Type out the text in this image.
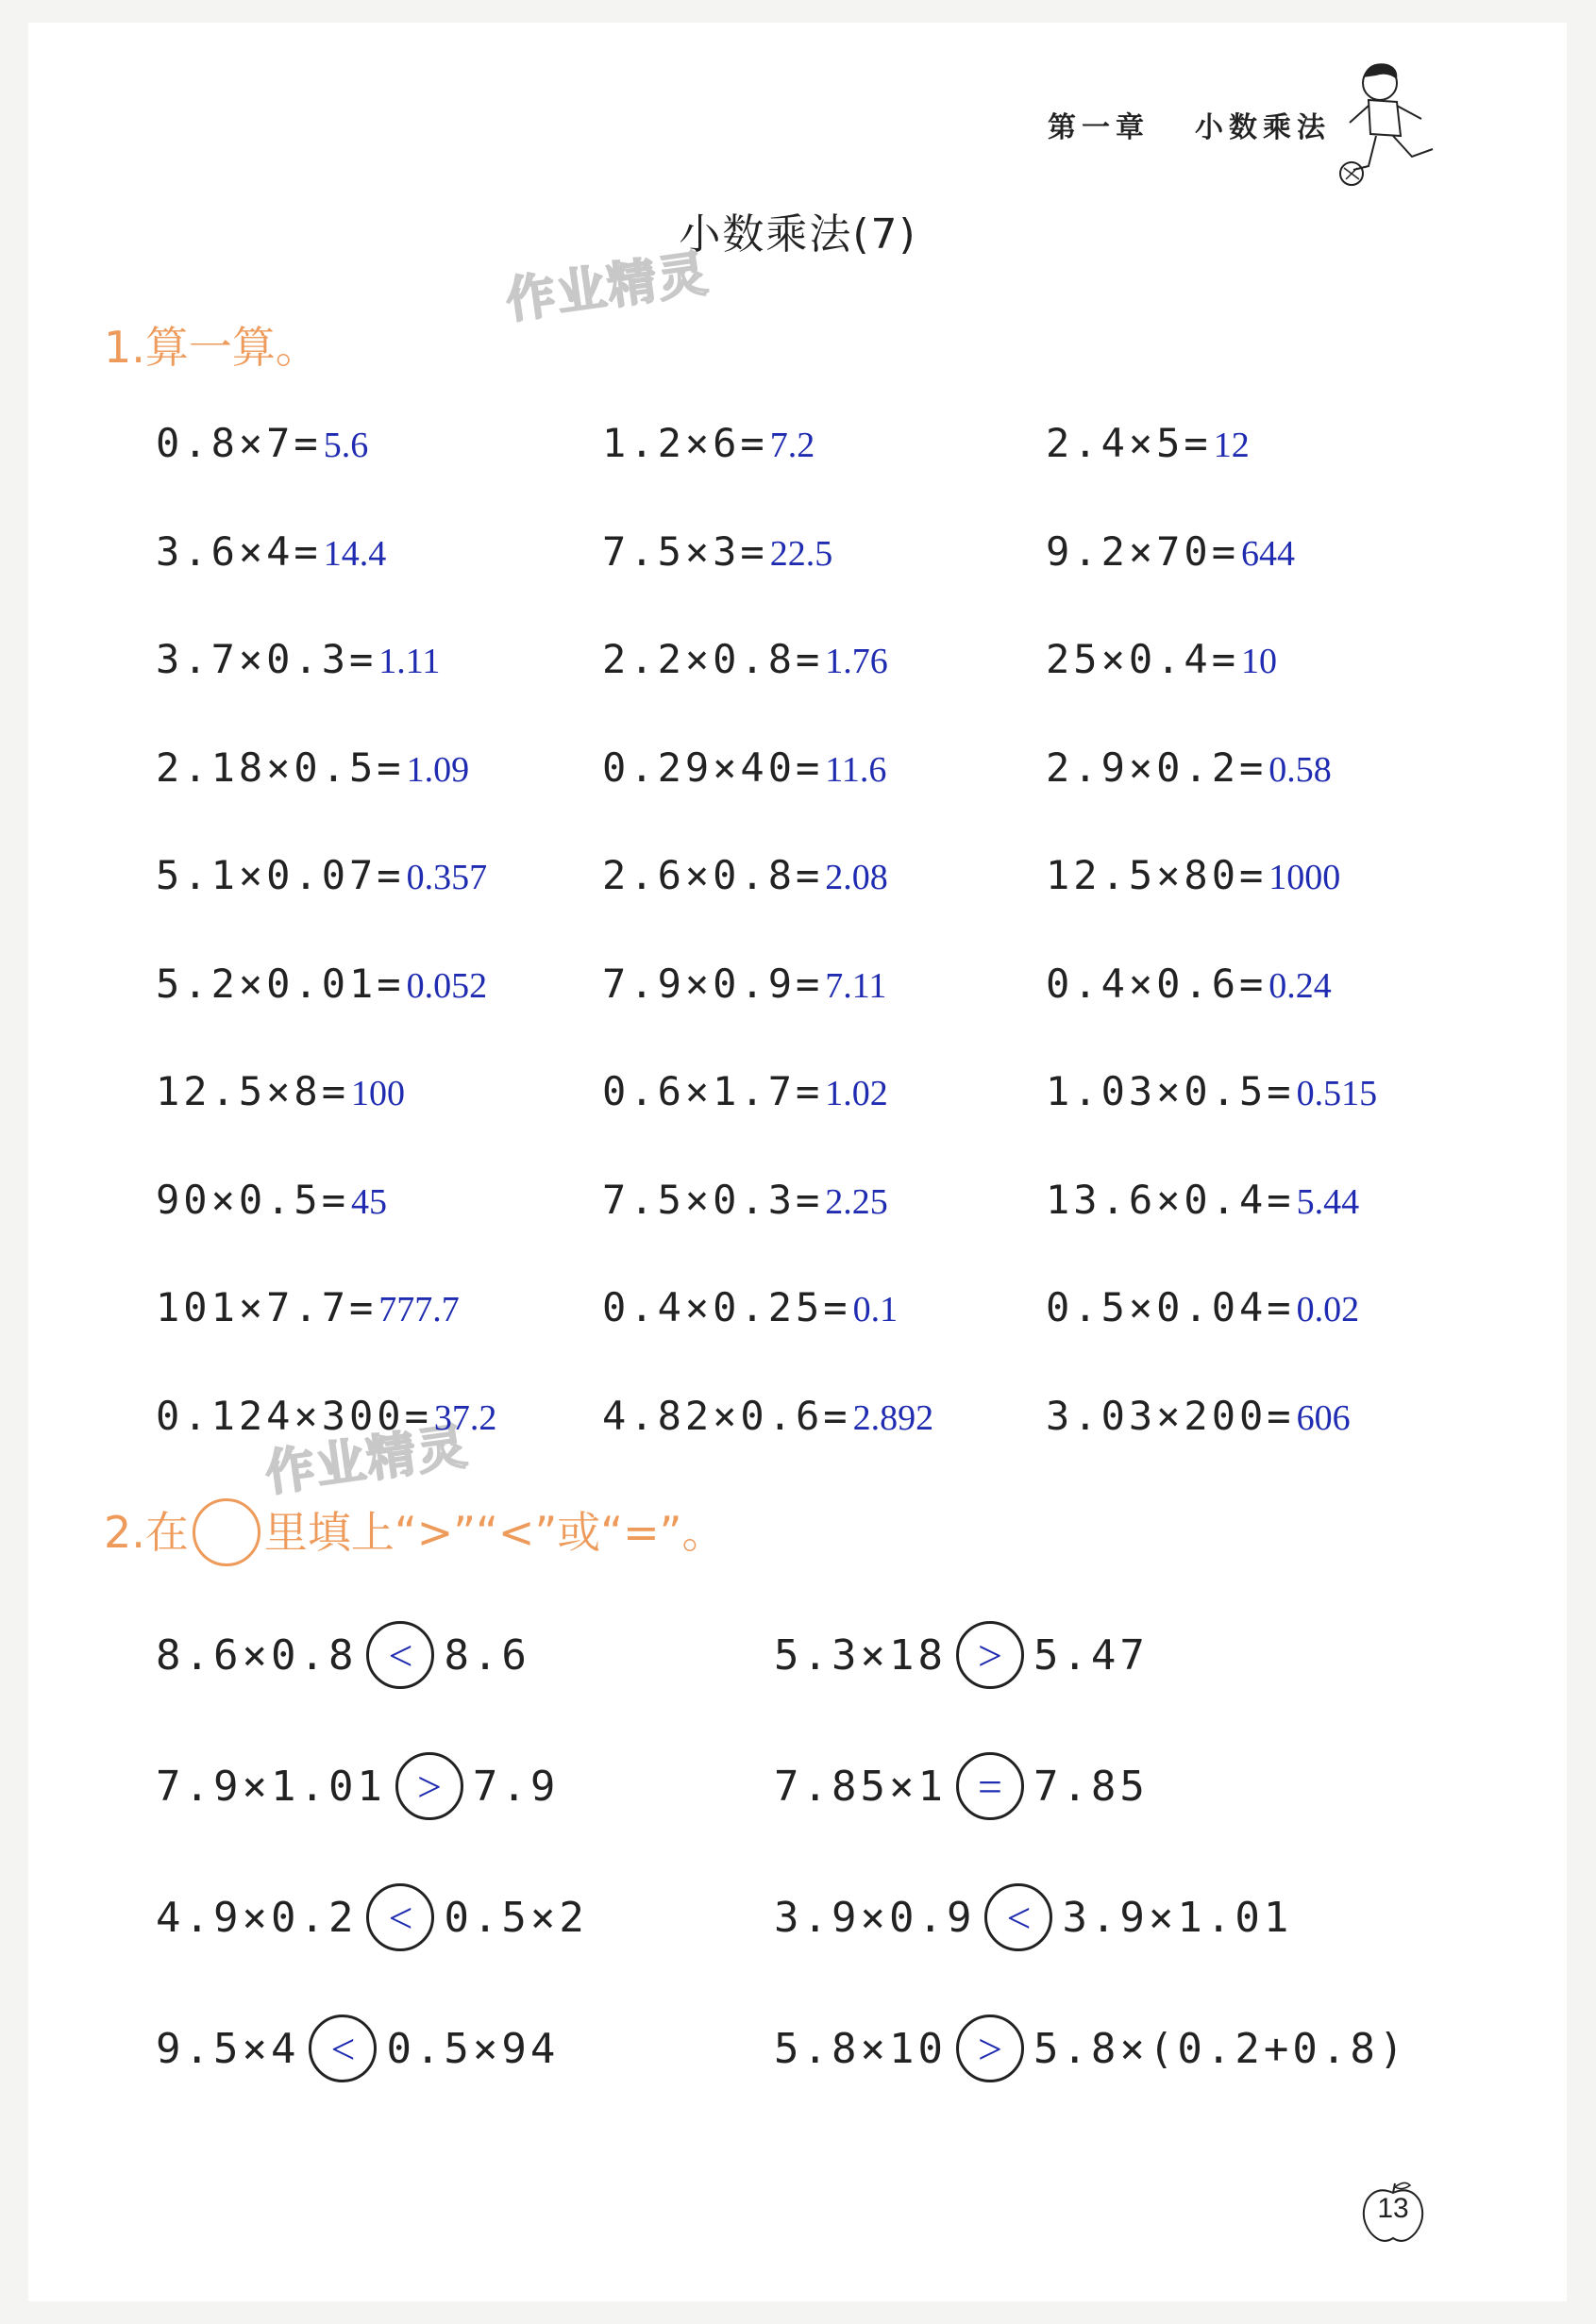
第一章 小数乘法
小数乘法(7)
作业精灵
作业精灵
1.算一算。
0.8×7=5.6	1.2×6=7.2	2.4×5=12
3.6×4=14.4	7.5×3=22.5	9.2×70=644
3.7×0.3=1.11	2.2×0.8=1.76	25×0.4=10
2.18×0.5=1.09	0.29×40=11.6	2.9×0.2=0.58
5.1×0.07=0.357	2.6×0.8=2.08	12.5×80=1000
5.2×0.01=0.052	7.9×0.9=7.11	0.4×0.6=0.24
12.5×8=100	0.6×1.7=1.02	1.03×0.5=0.515
90×0.5=45	7.5×0.3=2.25	13.6×0.4=5.44
101×7.7=777.7	0.4×0.25=0.1	0.5×0.04=0.02
0.124×300=37.2	4.82×0.6=2.892	3.03×200=606
2.在 里填上“>”“<”或“=”。
8.6×0.8 < 8.6	5.3×18 > 5.47
7.9×1.01 > 7.9	7.85×1 = 7.85
4.9×0.2 < 0.5×2	3.9×0.9 < 3.9×1.01
9.5×4 < 0.5×94	5.8×10 > 5.8×(0.2+0.8)
13
